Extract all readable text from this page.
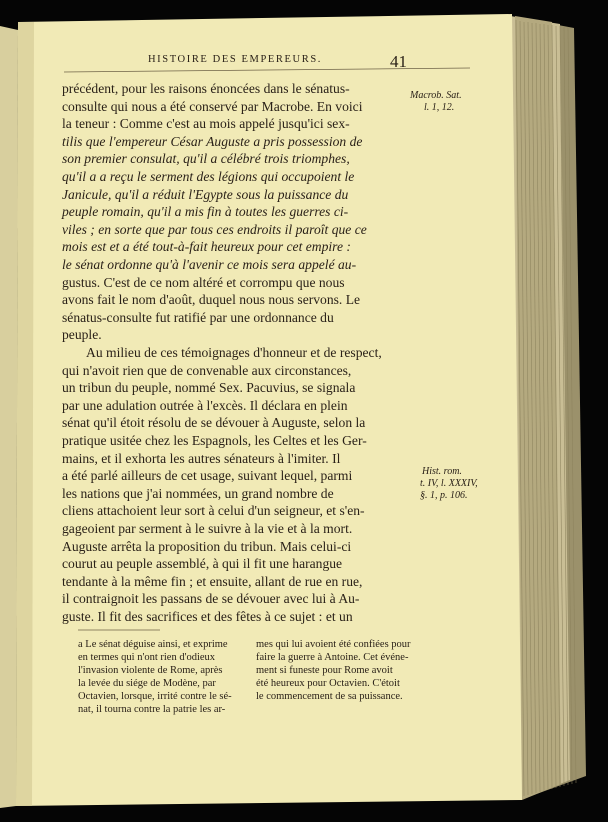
HISTOIRE DES EMPEREURS.	41
précédent, pour les raisons énoncées dans le sénatus-
consulte qui nous a été conservé par Macrobe. En voici
la teneur : Comme c'est au mois appelé jusqu'ici sex-
tilis que l'empereur César Auguste a pris possession de
son premier consulat, qu'il a célébré trois triomphes,
qu'il a a reçu le serment des légions qui occupoient le
Janicule, qu'il a réduit l'Egypte sous la puissance du
peuple romain, qu'il a mis fin à toutes les guerres ci-
viles ; en sorte que par tous ces endroits il paroît que ce
mois est et a été tout-à-fait heureux pour cet empire :
le sénat ordonne qu'à l'avenir ce mois sera appelé au-
gustus. C'est de ce nom altéré et corrompu que nous
avons fait le nom d'août, duquel nous nous servons. Le
sénatus-consulte fut ratifié par une ordonnance du
peuple.
Au milieu de ces témoignages d'honneur et de respect,
qui n'avoit rien que de convenable aux circonstances,
un tribun du peuple, nommé Sex. Pacuvius, se signala
par une adulation outrée à l'excès. Il déclara en plein
sénat qu'il étoit résolu de se dévouer à Auguste, selon la
pratique usitée chez les Espagnols, les Celtes et les Ger-
mains, et il exhorta les autres sénateurs à l'imiter. Il
a été parlé ailleurs de cet usage, suivant lequel, parmi
les nations que j'ai nommées, un grand nombre de
cliens attachoient leur sort à celui d'un seigneur, et s'en-
gageoient par serment à le suivre à la vie et à la mort.
Auguste arrêta la proposition du tribun. Mais celui-ci
courut au peuple assemblé, à qui il fit une harangue
tendante à la même fin ; et ensuite, allant de rue en rue,
il contraignoit les passans de se dévouer avec lui à Au-
guste. Il fit des sacrifices et des fêtes à ce sujet : et un
Macrob. Sat.
l. 1, 12.
Hist. rom.
t. IV, l. XXXIV,
§. 1, p. 106.
a Le sénat déguise ainsi, et exprime
en termes qui n'ont rien d'odieux
l'invasion violente de Rome, après
la levée du siége de Modène, par
Octavien, lorsque, irrité contre le sé-
nat, il tourna contre la patrie les ar-
mes qui lui avoient été confiées pour
faire la guerre à Antoine. Cet événe-
ment si funeste pour Rome avoit
été heureux pour Octavien. C'étoit
le commencement de sa puissance.
